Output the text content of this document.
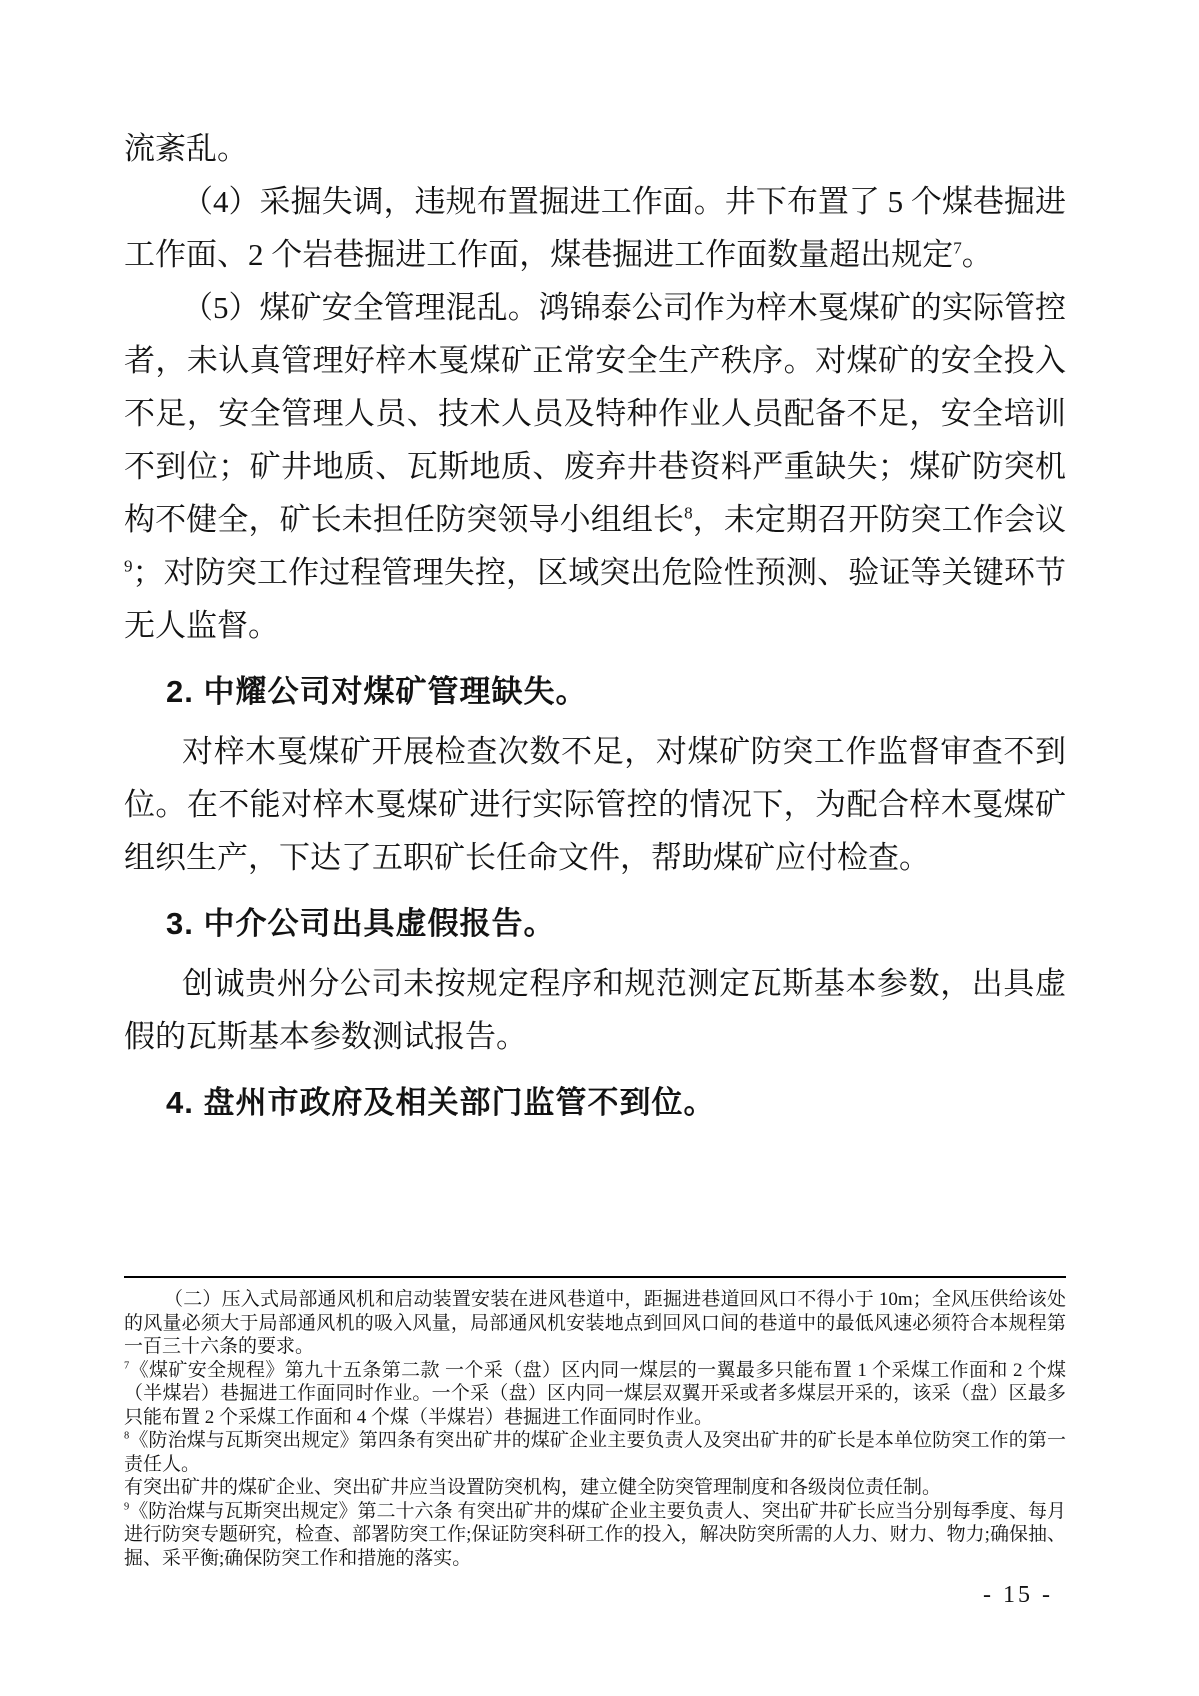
流紊乱。

（4）采掘失调，违规布置掘进工作面。井下布置了 5 个煤巷掘进工作面、2 个岩巷掘进工作面，煤巷掘进工作面数量超出规定$^7$。

（5）煤矿安全管理混乱。鸿锦泰公司作为梓木戛煤矿的实际管控者，未认真管理好梓木戛煤矿正常安全生产秩序。对煤矿的安全投入不足，安全管理人员、技术人员及特种作业人员配备不足，安全培训不到位；矿井地质、瓦斯地质、废弃井巷资料严重缺失；煤矿防突机构不健全，矿长未担任防突领导小组组长$^8$，未定期召开防突工作会议$^9$；对防突工作过程管理失控，区域突出危险性预测、验证等关键环节无人监督。

2. 中耀公司对煤矿管理缺失。

对梓木戛煤矿开展检查次数不足，对煤矿防突工作监督审查不到位。在不能对梓木戛煤矿进行实际管控的情况下，为配合梓木戛煤矿组织生产，下达了五职矿长任命文件，帮助煤矿应付检查。

3. 中介公司出具虚假报告。

创诚贵州分公司未按规定程序和规范测定瓦斯基本参数，出具虚假的瓦斯基本参数测试报告。

4. 盘州市政府及相关部门监管不到位。

（二）压入式局部通风机和启动装置安装在进风巷道中，距掘进巷道回风口不得小于 10m；全风压供给该处的风量必须大于局部通风机的吸入风量，局部通风机安装地点到回风口间的巷道中的最低风速必须符合本规程第一百三十六条的要求。

$^7$《煤矿安全规程》第九十五条第二款 一个采（盘）区内同一煤层的一翼最多只能布置 1 个采煤工作面和 2 个煤（半煤岩）巷掘进工作面同时作业。一个采（盘）区内同一煤层双翼开采或者多煤层开采的，该采（盘）区最多只能布置 2 个采煤工作面和 4 个煤（半煤岩）巷掘进工作面同时作业。

$^8$《防治煤与瓦斯突出规定》第四条有突出矿井的煤矿企业主要负责人及突出矿井的矿长是本单位防突工作的第一责任人。

有突出矿井的煤矿企业、突出矿井应当设置防突机构，建立健全防突管理制度和各级岗位责任制。

$^9$《防治煤与瓦斯突出规定》第二十六条 有突出矿井的煤矿企业主要负责人、突出矿井矿长应当分别每季度、每月进行防突专题研究，检查、部署防突工作;保证防突科研工作的投入，解决防突所需的人力、财力、物力;确保抽、掘、采平衡;确保防突工作和措施的落实。

- 15 -
